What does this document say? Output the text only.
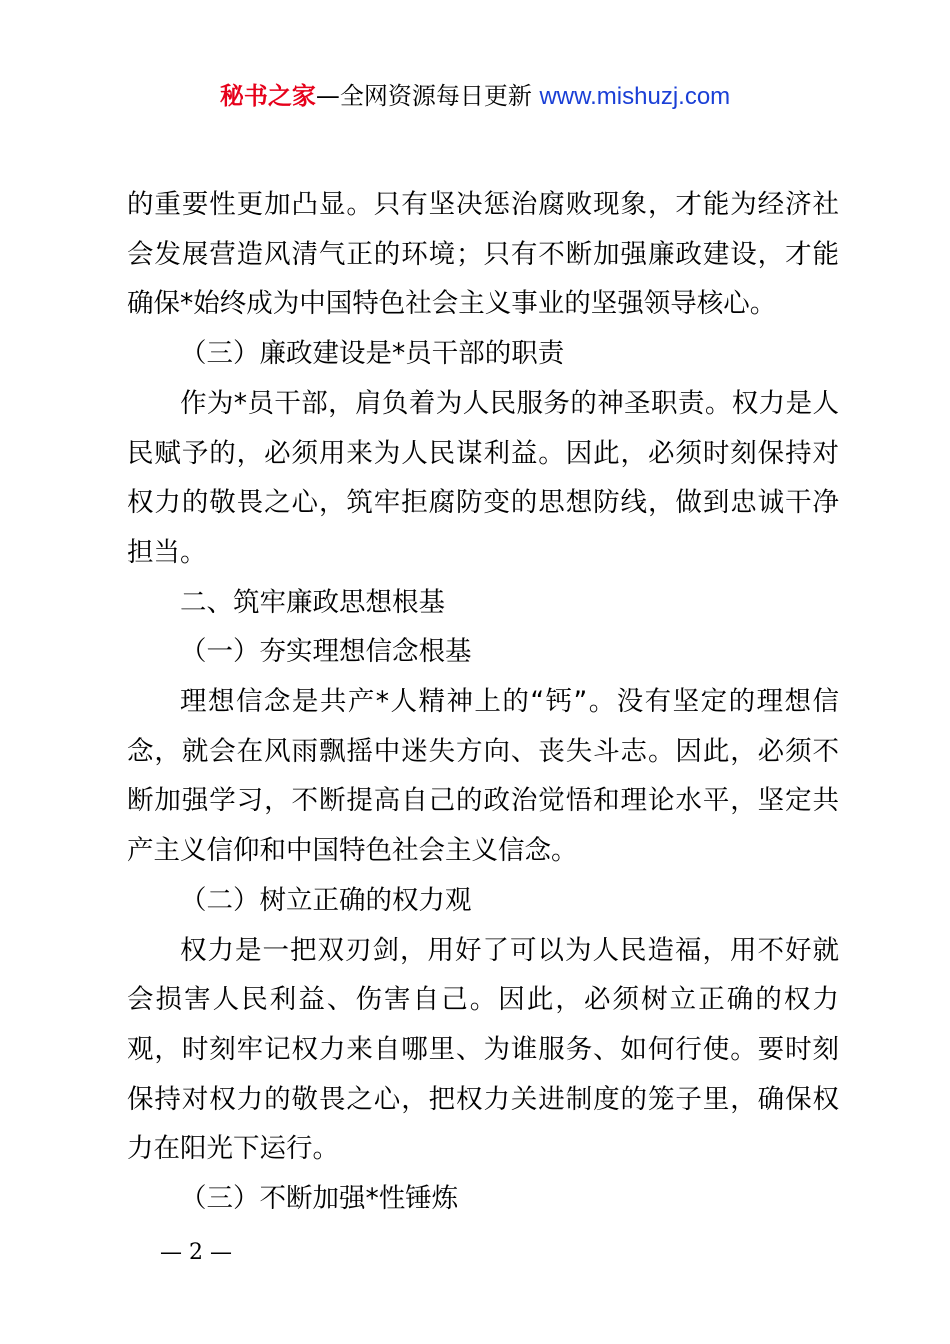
秘书之家—全网资源每日更新 www.mishuzj.com

的重要性更加凸显。只有坚决惩治腐败现象，才能为经济社会发展营造风清气正的环境；只有不断加强廉政建设，才能确保*始终成为中国特色社会主义事业的坚强领导核心。

（三）廉政建设是*员干部的职责

作为*员干部，肩负着为人民服务的神圣职责。权力是人民赋予的，必须用来为人民谋利益。因此，必须时刻保持对权力的敬畏之心，筑牢拒腐防变的思想防线，做到忠诚干净担当。

二、筑牢廉政思想根基

（一）夯实理想信念根基

理想信念是共产*人精神上的“钙”。没有坚定的理想信念，就会在风雨飘摇中迷失方向、丧失斗志。因此，必须不断加强学习，不断提高自己的政治觉悟和理论水平，坚定共产主义信仰和中国特色社会主义信念。

（二）树立正确的权力观

权力是一把双刃剑，用好了可以为人民造福，用不好就会损害人民利益、伤害自己。因此，必须树立正确的权力观，时刻牢记权力来自哪里、为谁服务、如何行使。要时刻保持对权力的敬畏之心，把权力关进制度的笼子里，确保权力在阳光下运行。

（三）不断加强*性锤炼

— 2 —
